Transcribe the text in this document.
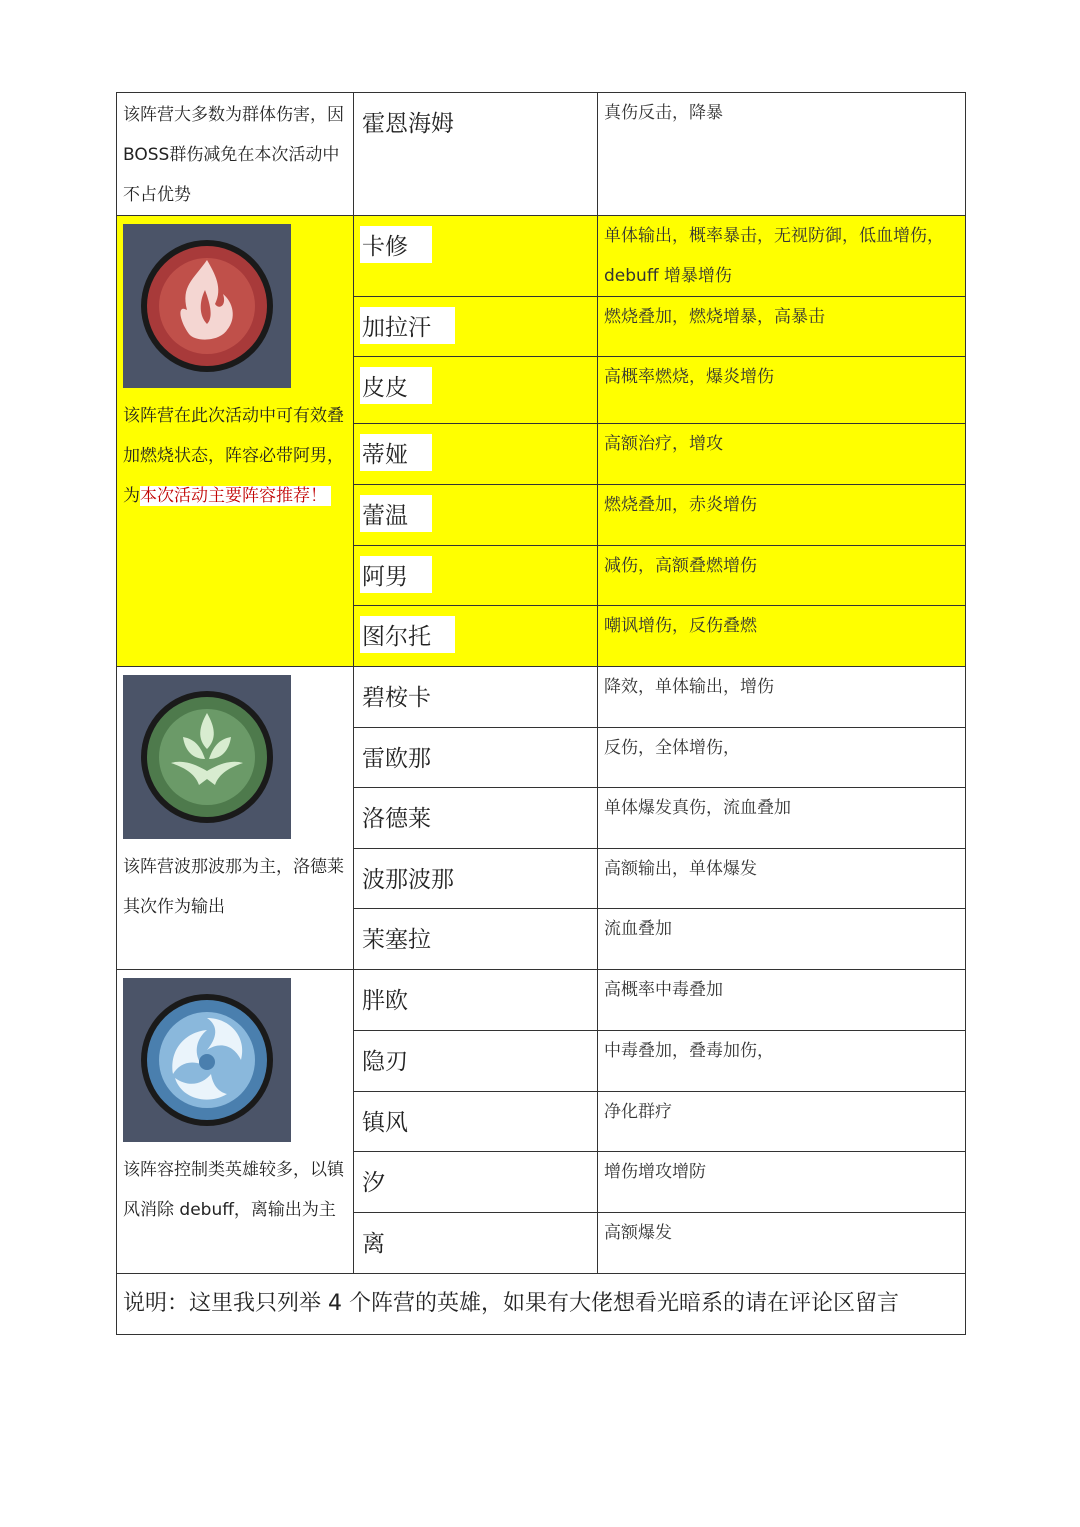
该阵营大多数为群体伤害，因BOSS群伤减免在本次活动中不占优势	霍恩海姆	真伤反击，降暴

该阵营在此次活动中可有效叠加燃烧状态，阵容必带阿男，为本次活动主要阵容推荐！	卡修	单体输出，概率暴击，无视防御，低血增伤，debuff 增暴增伤

	加拉汗	燃烧叠加，燃烧增暴，高暴击

	皮皮	高概率燃烧，爆炎增伤

	蒂娅	高额治疗，增攻

	蕾温	燃烧叠加，赤炎增伤

	阿男	减伤，高额叠燃增伤

	图尔托	嘲讽增伤，反伤叠燃

该阵营波那波那为主，洛德莱其次作为输出	碧桉卡	降效，单体输出，增伤

	雷欧那	反伤，全体增伤，

	洛德莱	单体爆发真伤，流血叠加

	波那波那	高额输出，单体爆发

	茉塞拉	流血叠加

该阵容控制类英雄较多，以镇风消除 debuff，离输出为主	胖欧	高概率中毒叠加

	隐刃	中毒叠加，叠毒加伤，

	镇风	净化群疗

	汐	增伤增攻增防

	离	高额爆发

说明：这里我只列举 4 个阵营的英雄，如果有大佬想看光暗系的请在评论区留言		
